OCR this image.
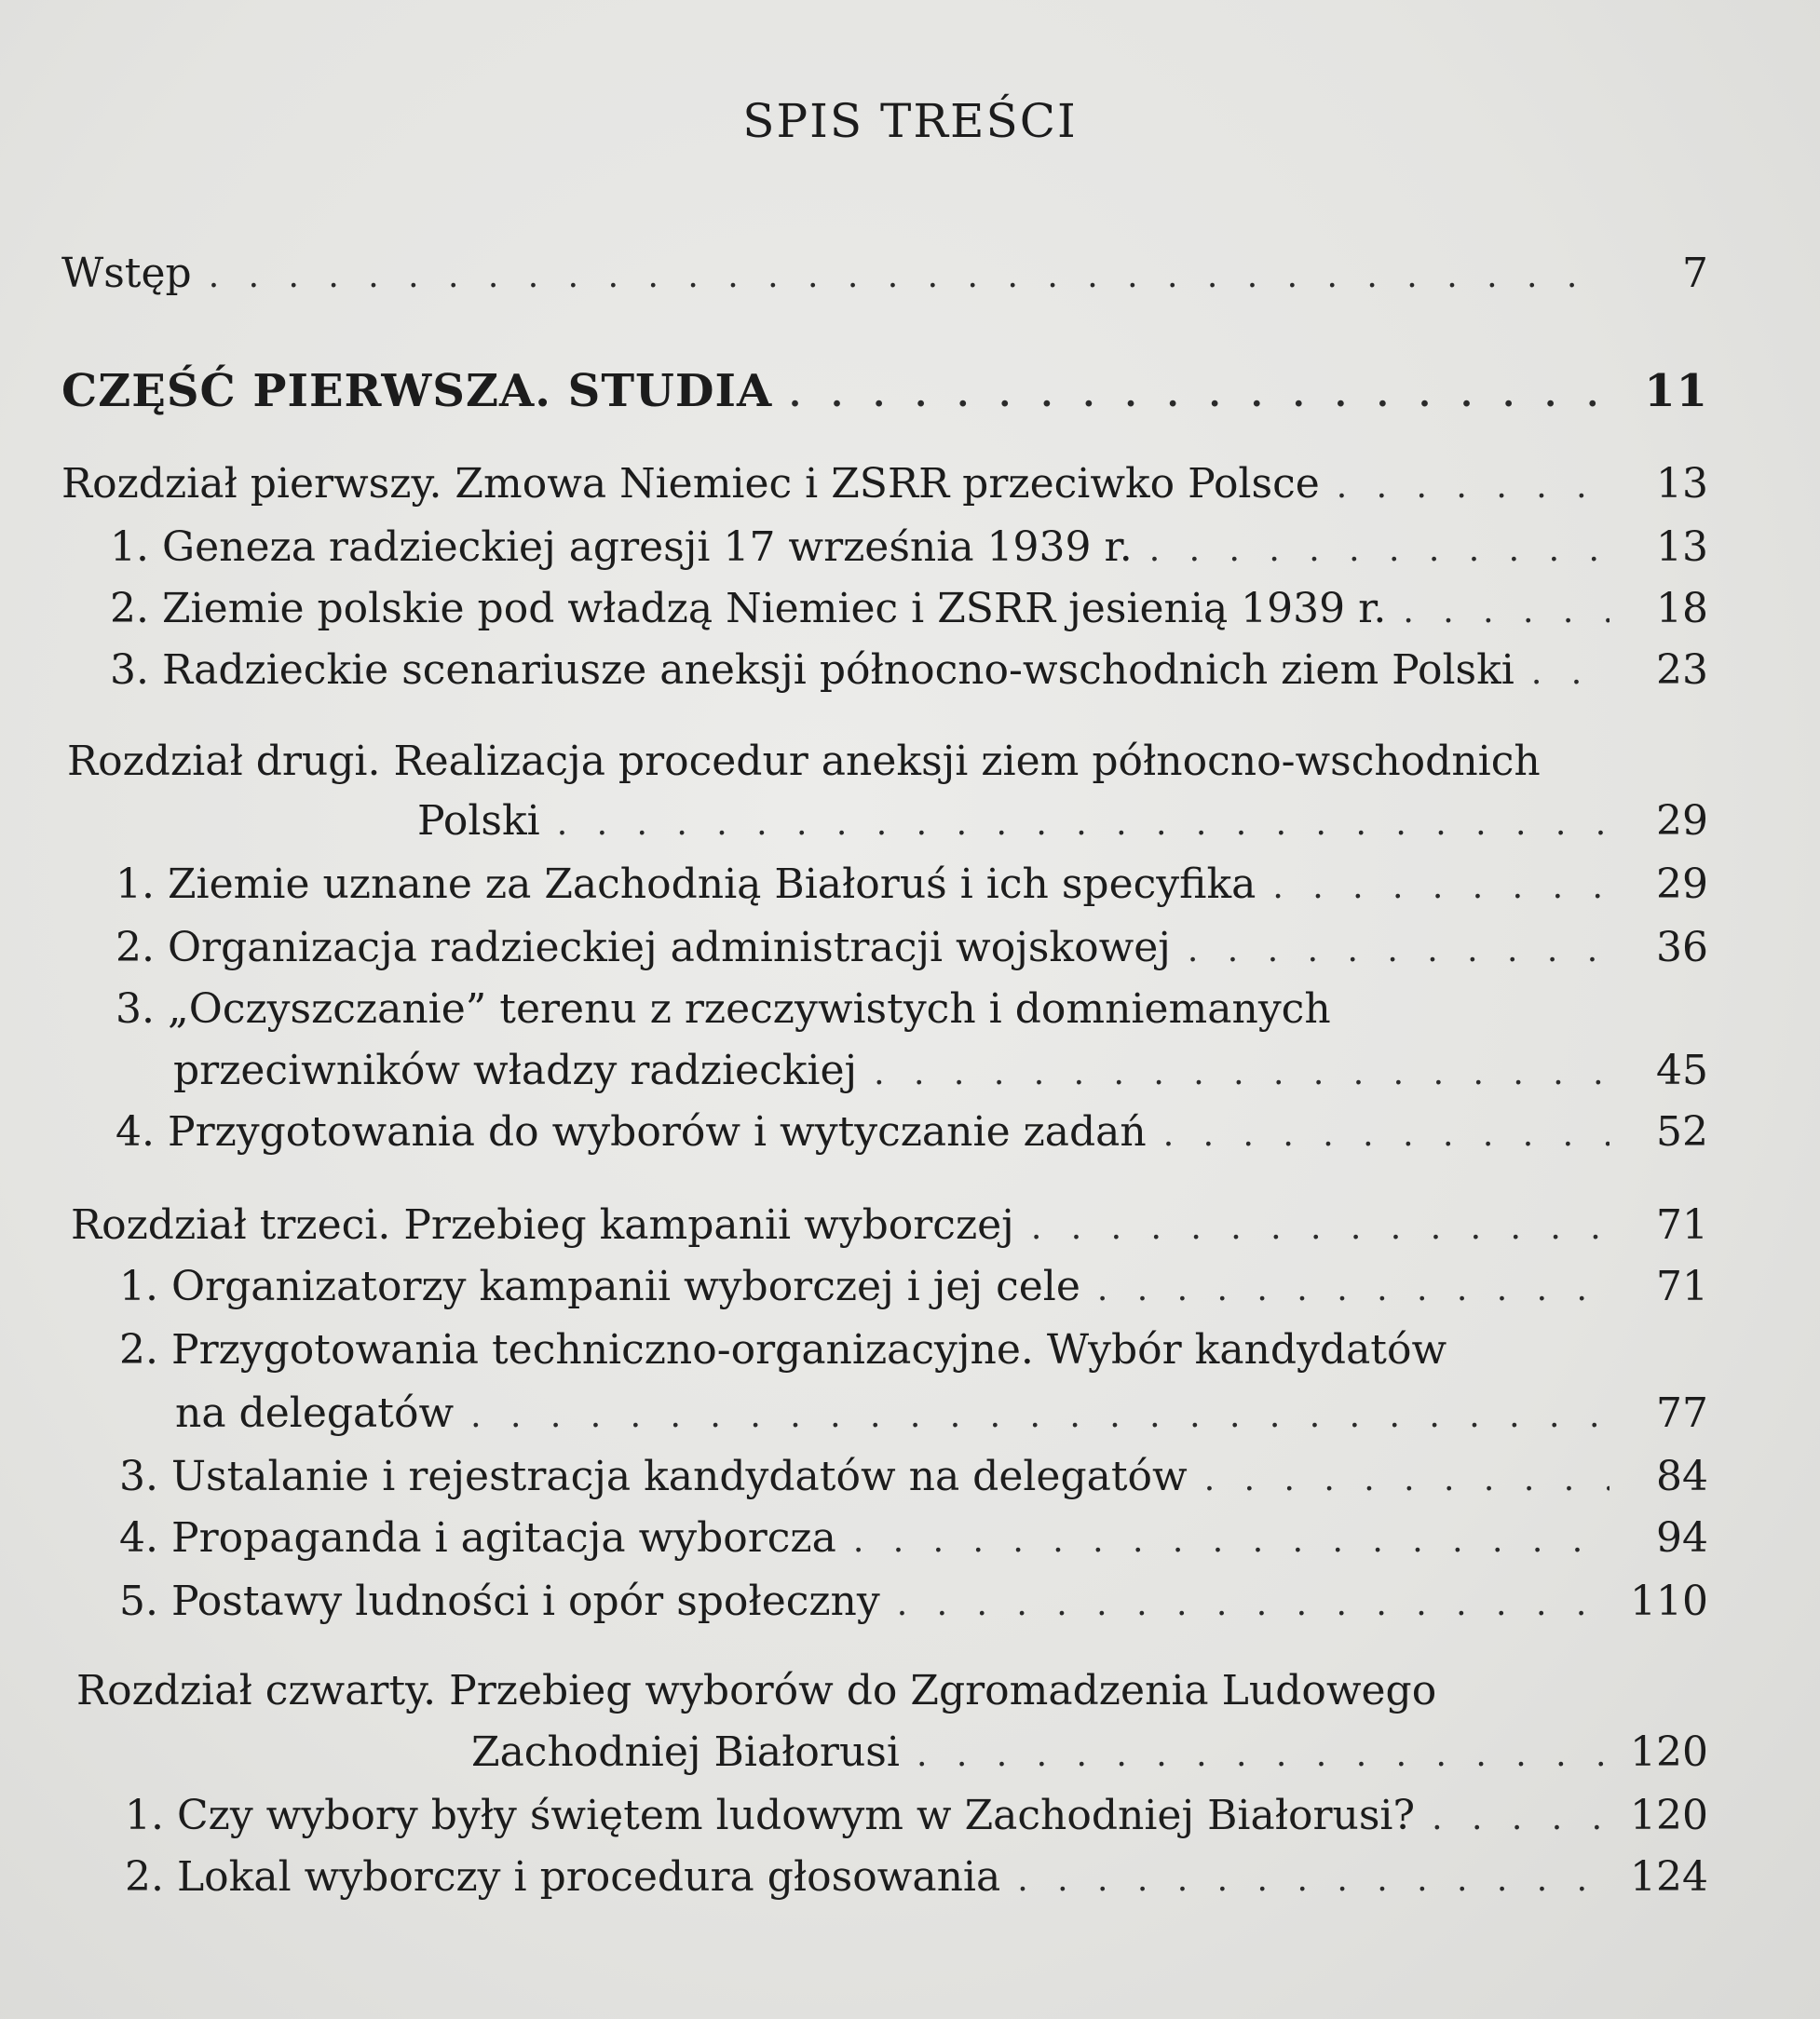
SPIS TREŚCI
Wstęp . . .	7
CZĘŚĆ PIERWSZA. STUDIA . . .	11
Rozdział pierwszy. Zmowa Niemiec i ZSRR przeciwko Polsce . . .	13
1. Geneza radzieckiej agresji 17 września 1939 r. . . .	13
2. Ziemie polskie pod władzą Niemiec i ZSRR jesienią 1939 r. . . .	18
3. Radzieckie scenariusze aneksji północno-wschodnich ziem Polski . . .	23
Rozdział drugi. Realizacja procedur aneksji ziem północno-wschodnich
Polski . . .	29
1. Ziemie uznane za Zachodnią Białoruś i ich specyfika . . .	29
2. Organizacja radzieckiej administracji wojskowej . . .	36
3. „Oczyszczanie” terenu z rzeczywistych i domniemanych
przeciwników władzy radzieckiej . . .	45
4. Przygotowania do wyborów i wytyczanie zadań . . .	52
Rozdział trzeci. Przebieg kampanii wyborczej . . .	71
1. Organizatorzy kampanii wyborczej i jej cele . . .	71
2. Przygotowania techniczno-organizacyjne. Wybór kandydatów
na delegatów . . .	77
3. Ustalanie i rejestracja kandydatów na delegatów . . .	84
4. Propaganda i agitacja wyborcza . . .	94
5. Postawy ludności i opór społeczny . . .	110
Rozdział czwarty. Przebieg wyborów do Zgromadzenia Ludowego
Zachodniej Białorusi . . .	120
1. Czy wybory były świętem ludowym w Zachodniej Białorusi? . . .	120
2. Lokal wyborczy i procedura głosowania . . .	124
